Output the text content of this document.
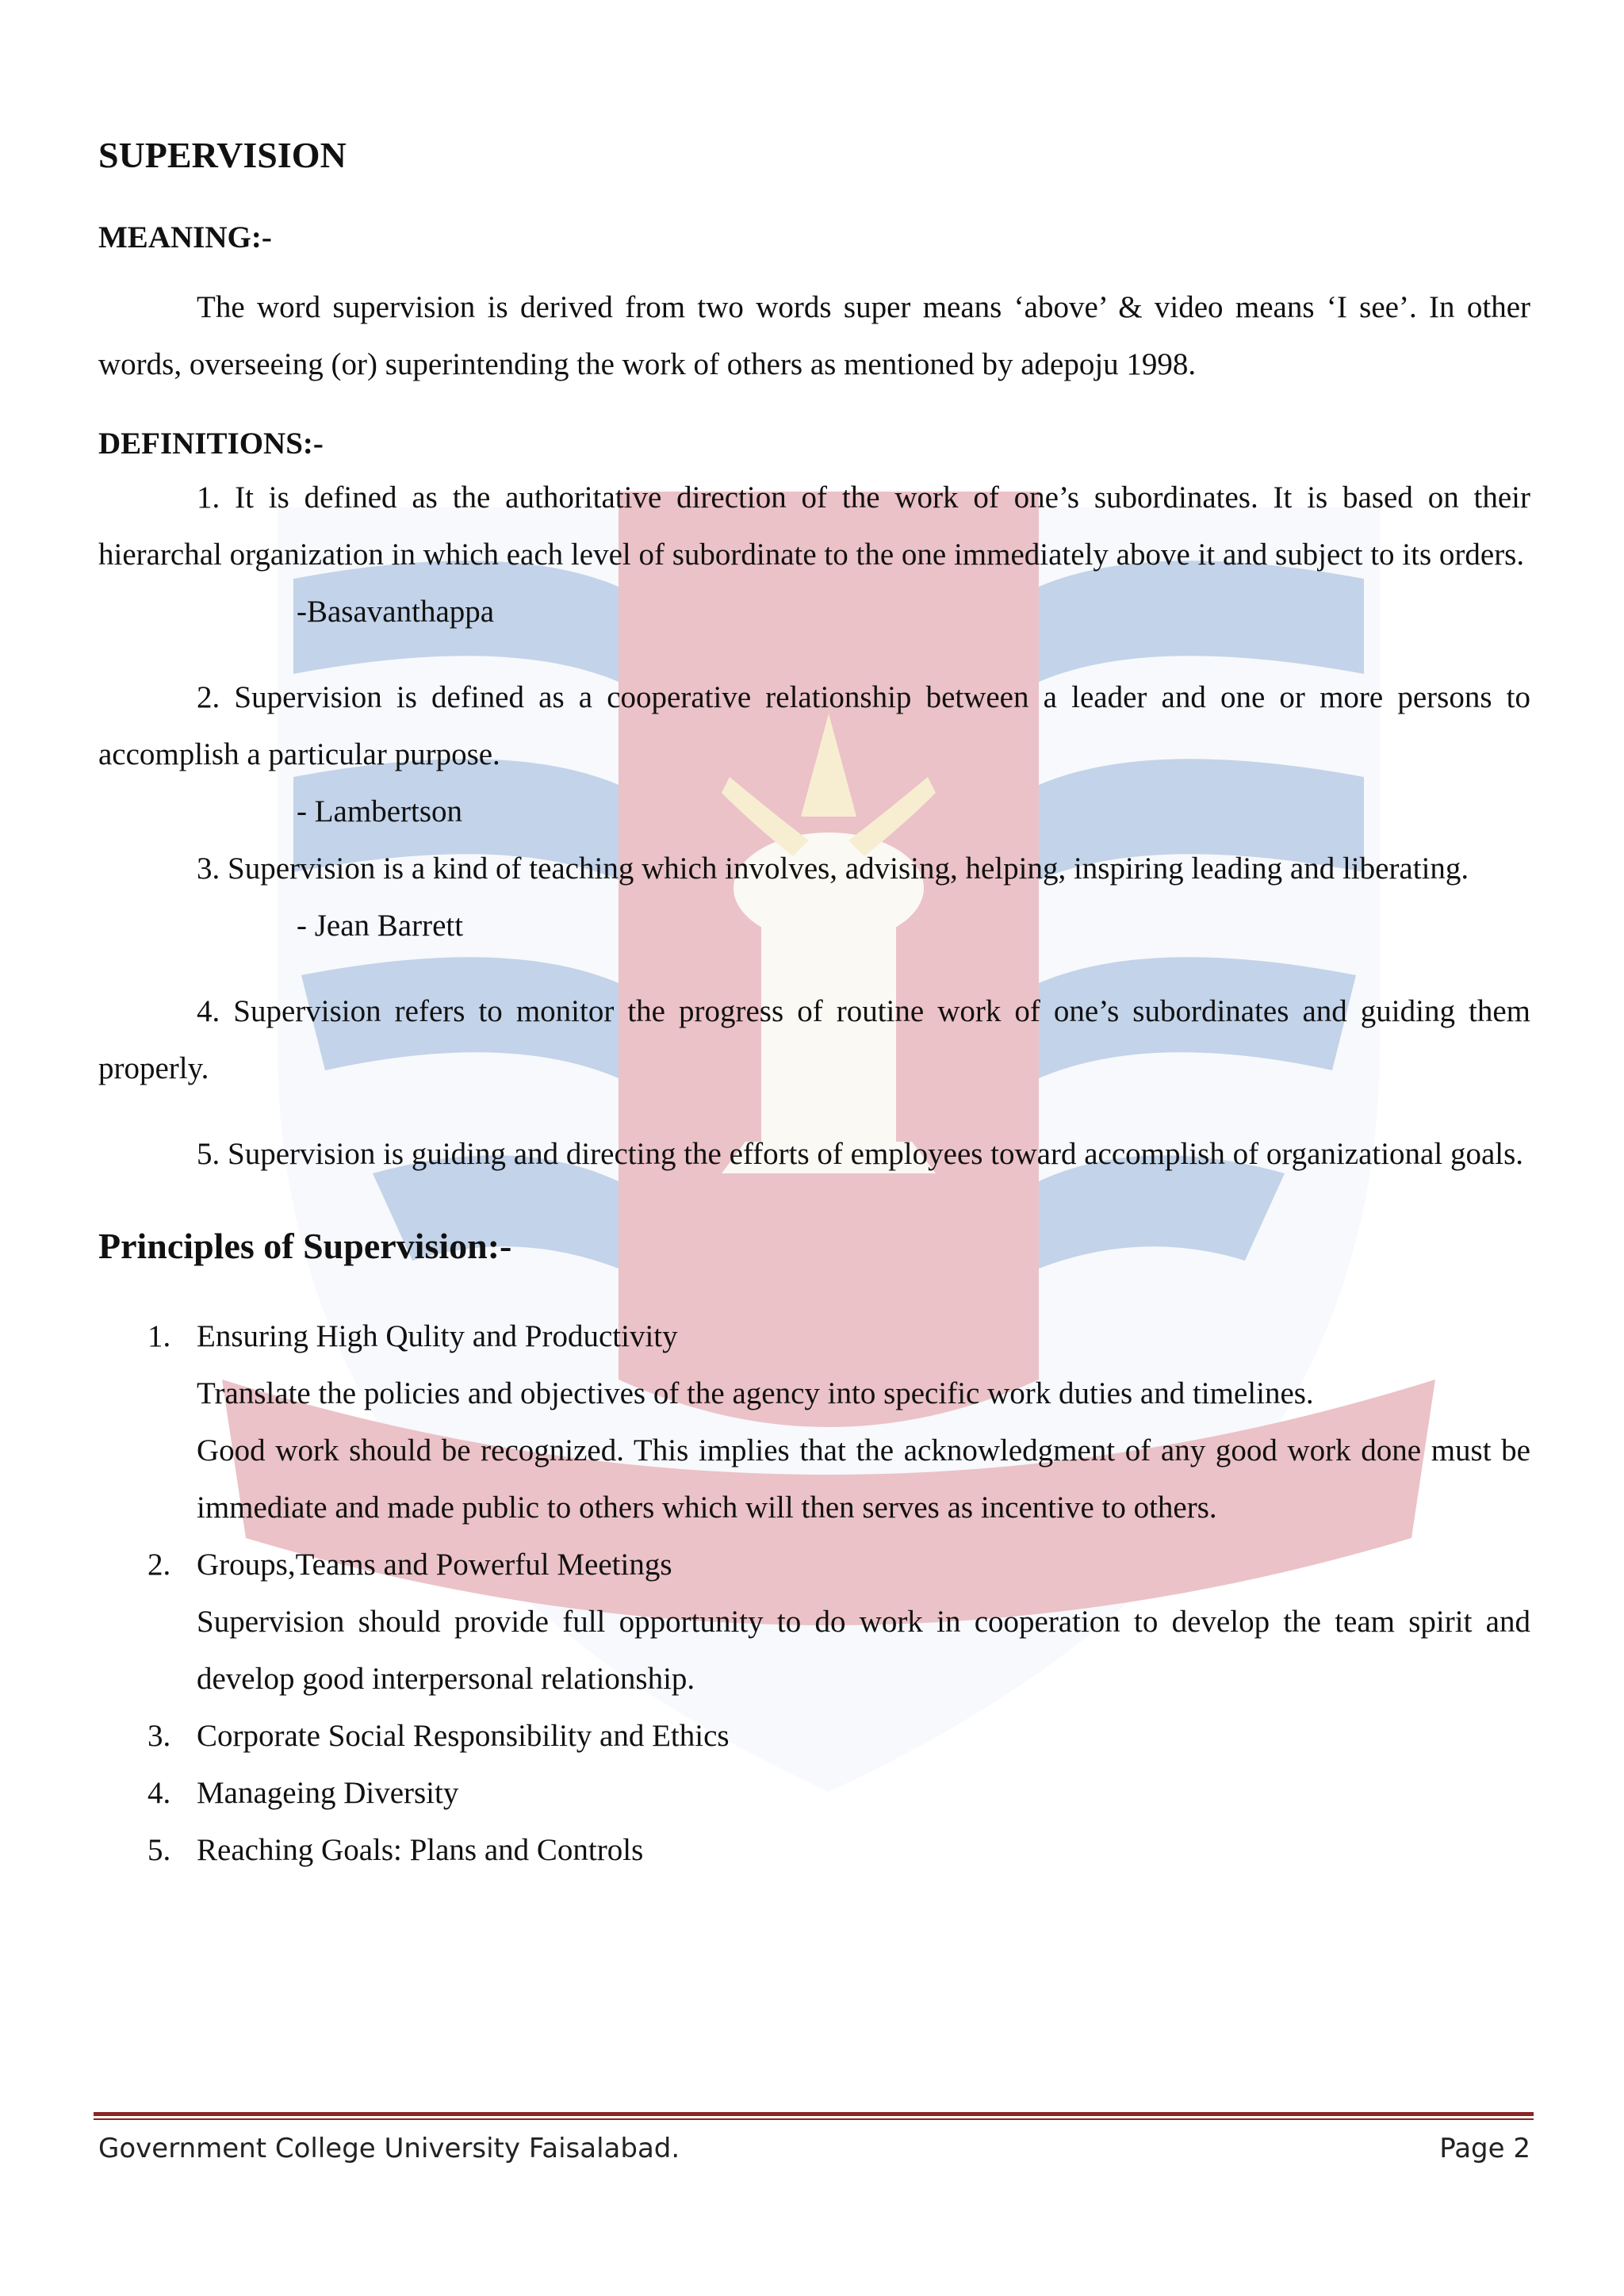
SUPERVISION
MEANING:-

The word supervision is derived from two words super means ‘above’ & video means ‘I see’. In other words, overseeing (or) superintending the work of others as mentioned by adepoju 1998.

DEFINITIONS:-

1. It is defined as the authoritative direction of the work of one’s subordinates. It is based on their hierarchal organization in which each level of subordinate to the one immediately above it and subject to its orders.

-Basavanthappa

2. Supervision is defined as a cooperative relationship between a leader and one or more persons to accomplish a particular purpose.

- Lambertson

3. Supervision is a kind of teaching which involves, advising, helping, inspiring leading and liberating.

- Jean Barrett

4. Supervision refers to monitor the progress of routine work of one’s subordinates and guiding them properly.

5. Supervision is guiding and directing the efforts of employees toward accomplish of organizational goals.

Principles of Supervision:-
1. Ensuring High Qulity and Productivity
Translate the policies and objectives of the agency into specific work duties and timelines.
Good work should be recognized. This implies that the acknowledgment of any good work done must be immediate and made public to others which will then serves as incentive to others.
2. Groups,Teams and Powerful Meetings
Supervision should provide full opportunity to do work in cooperation to develop the team spirit and develop good interpersonal relationship.
3. Corporate Social Responsibility and Ethics
4. Manageing Diversity
5. Reaching Goals: Plans and Controls
Government College University Faisalabad.	Page 2
